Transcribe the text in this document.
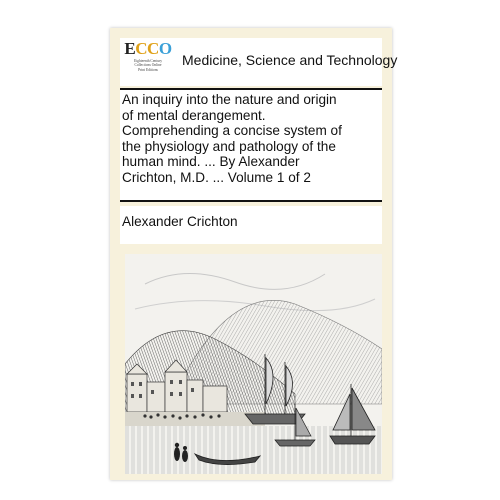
ECCO
Eighteenth Century
Collections Online
Print Editions
Medicine, Science and Technology
An inquiry into the nature and origin
of mental derangement.
Comprehending a concise system of
the physiology and pathology of the
human mind. ... By Alexander
Crichton, M.D. ... Volume 1 of 2
Alexander Crichton
